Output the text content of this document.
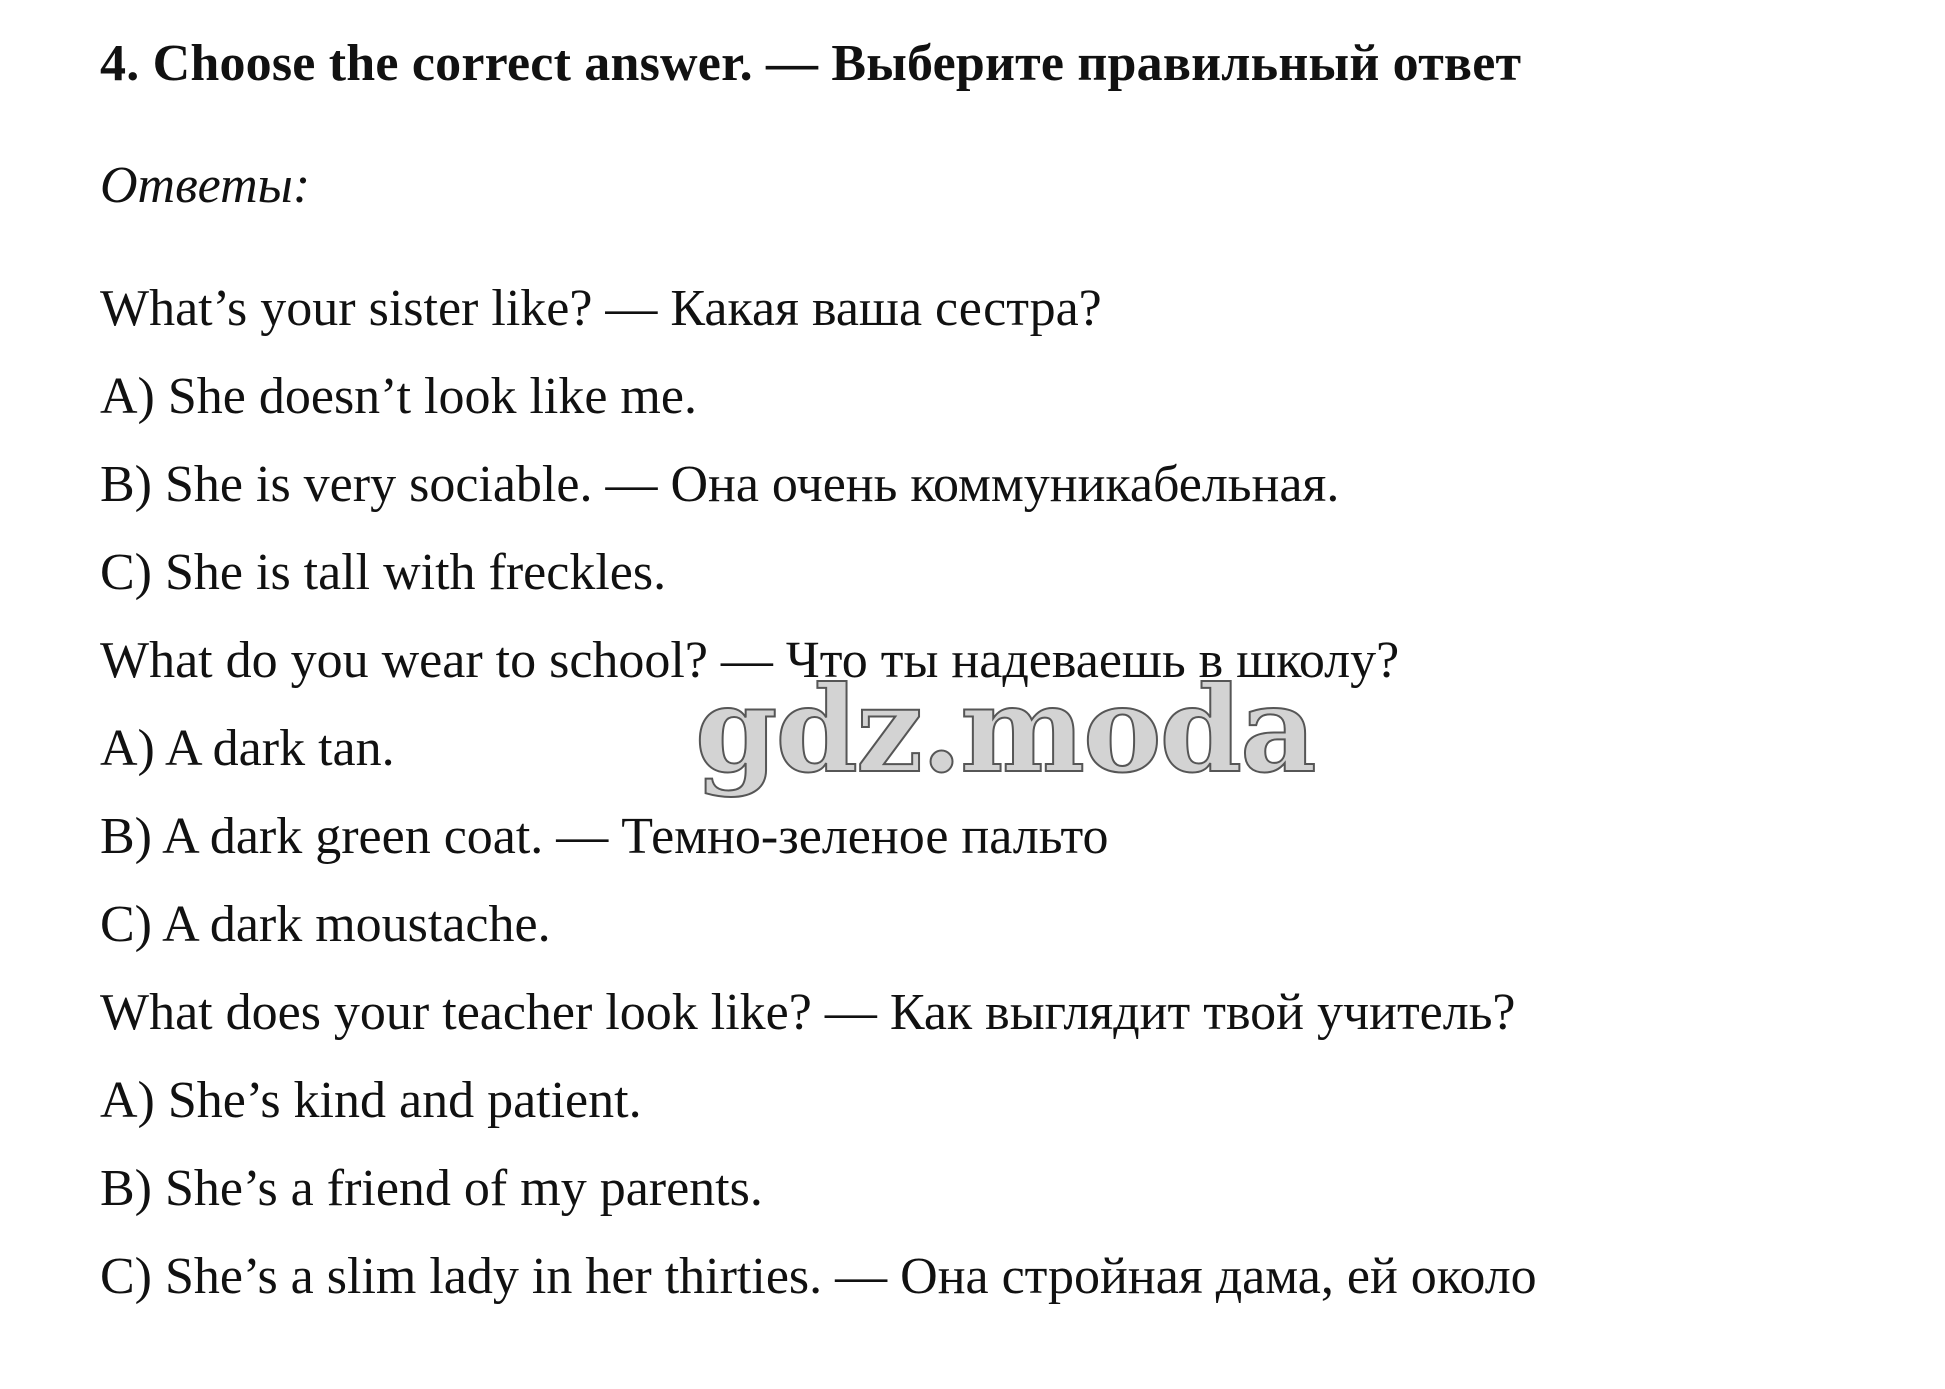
4. Choose the correct answer. — Выберите правильный ответ
Ответы:
What’s your sister like? — Какая ваша сестра?
A) She doesn’t look like me.
B) She is very sociable. — Она очень коммуникабельная.
C) She is tall with freckles.
What do you wear to school? — Что ты надеваешь в школу?
A) A dark tan.
B) A dark green coat. — Темно-зеленое пальто
C) A dark moustache.
What does your teacher look like? — Как выглядит твой учитель?
A) She’s kind and patient.
B) She’s a friend of my parents.
C) She’s a slim lady in her thirties. — Она стройная дама, ей около
gdz.moda
